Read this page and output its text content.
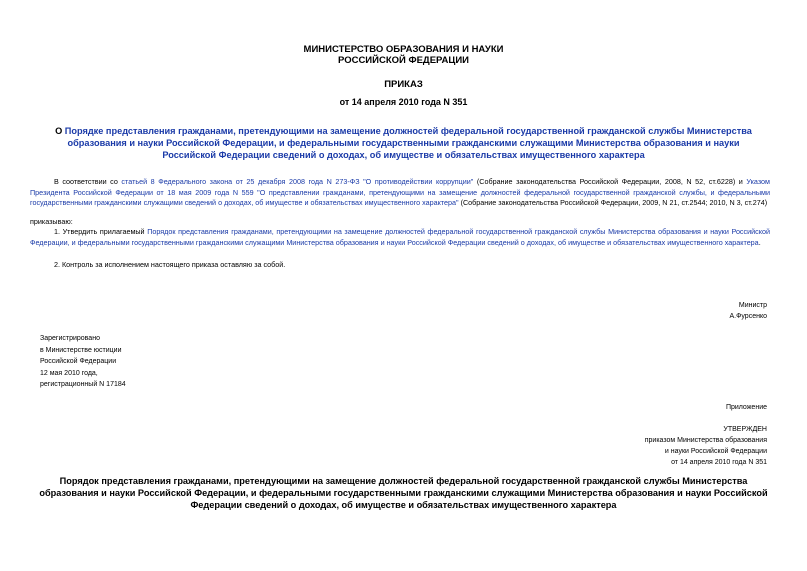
МИНИСТЕРСТВО ОБРАЗОВАНИЯ И НАУКИ
РОССИЙСКОЙ ФЕДЕРАЦИИ
ПРИКАЗ
от 14 апреля 2010 года N 351
О Порядке представления гражданами, претендующими на замещение должностей федеральной государственной гражданской службы Министерства образования и науки Российской Федерации, и федеральными государственными гражданскими служащими Министерства образования и науки Российской Федерации сведений о доходах, об имуществе и обязательствах имущественного характера
В соответствии со статьей 8 Федерального закона от 25 декабря 2008 года N 273-ФЗ "О противодействии коррупции" (Собрание законодательства Российской Федерации, 2008, N 52, ст.6228) и Указом Президента Российской Федерации от 18 мая 2009 года N 559 "О представлении гражданами, претендующими на замещение должностей федеральной государственной гражданской службы, и федеральными государственными гражданскими служащими сведений о доходах, об имуществе и обязательствах имущественного характера" (Собрание законодательства Российской Федерации, 2009, N 21, ст.2544; 2010, N 3, ст.274)
приказываю:
1. Утвердить прилагаемый Порядок представления гражданами, претендующими на замещение должностей федеральной государственной гражданской службы Министерства образования и науки Российской Федерации, и федеральными государственными гражданскими служащими Министерства образования и науки Российской Федерации сведений о доходах, об имуществе и обязательствах имущественного характера.
2. Контроль за исполнением настоящего приказа оставляю за собой.
Министр
А.Фурсенко
Зарегистрировано
в Министерстве юстиции
Российской Федерации
12 мая 2010 года,
регистрационный N 17184
Приложение
УТВЕРЖДЕН
приказом Министерства образования
и науки Российской Федерации
от 14 апреля 2010 года N 351
Порядок представления гражданами, претендующими на замещение должностей федеральной государственной гражданской службы Министерства образования и науки Российской Федерации, и федеральными государственными гражданскими служащими Министерства образования и науки Российской Федерации сведений о доходах, об имуществе и обязательствах имущественного характера
